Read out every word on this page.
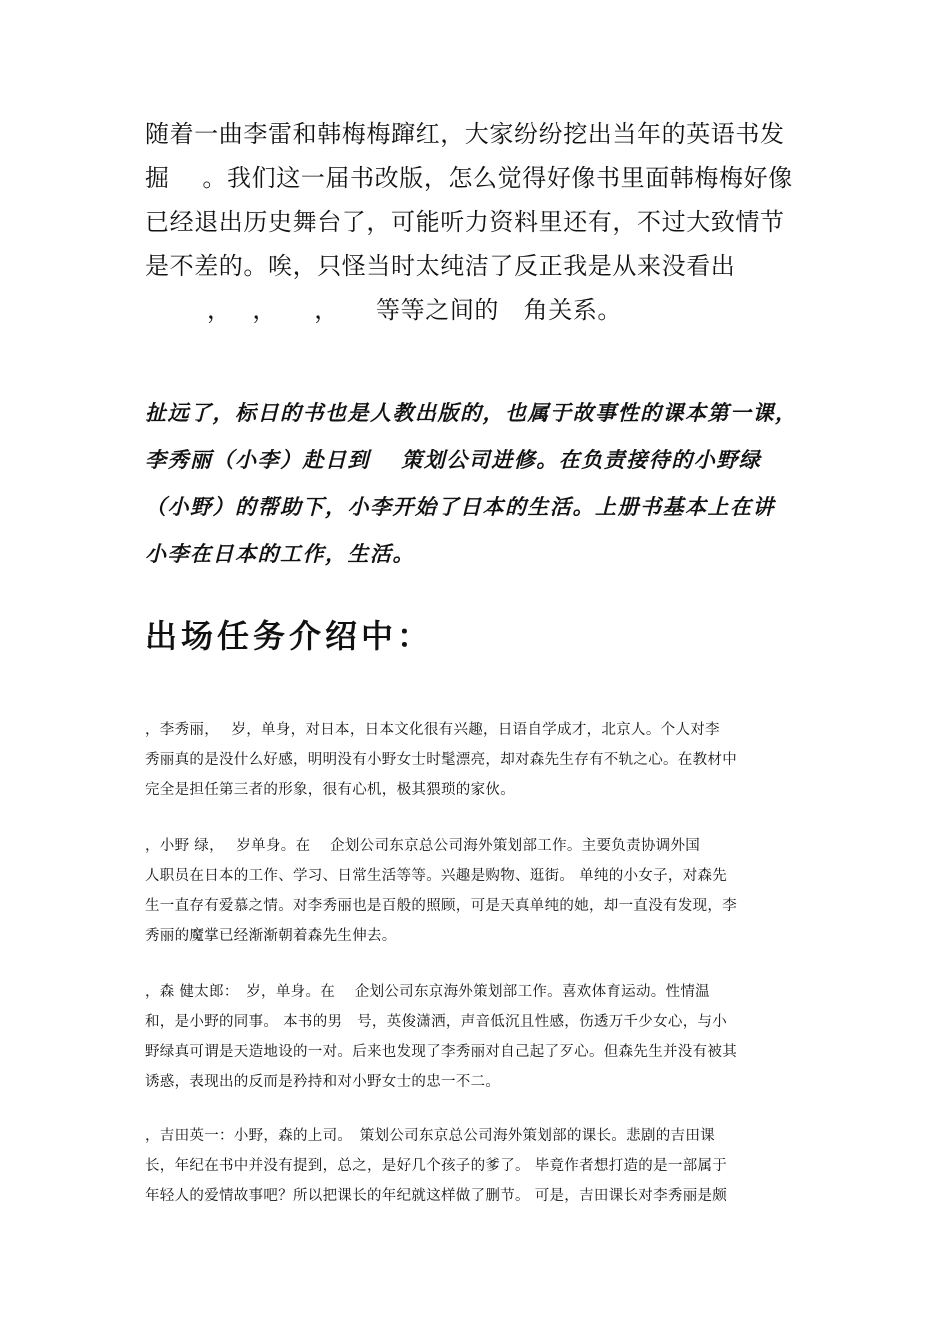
随着一曲李雷和韩梅梅蹿红，大家纷纷挖出当年的英语书发
掘　 。我们这一届书改版，怎么觉得好像书里面韩梅梅好像
已经退出历史舞台了，可能听力资料里还有，不过大致情节
是不差的。唉，只怪当时太纯洁了反正我是从来没看出
，　 ，　　，　　等等之间的　角关系。
扯远了，标日的书也是人教出版的，也属于故事性的课本第一课，
李秀丽（小李）赴日到　 策划公司进修。在负责接待的小野绿
（小野）的帮助下，小李开始了日本的生活。上册书基本上在讲
小李在日本的工作，生活。
出场任务介绍中：
，李秀丽，　 岁，单身，对日本，日本文化很有兴趣，日语自学成才，北京人。个人对李
秀丽真的是没什么好感，明明没有小野女士时髦漂亮，却对森先生存有不轨之心。在教材中
完全是担任第三者的形象，很有心机，极其猥琐的家伙。
，小野 绿，　 岁单身。在　 企划公司东京总公司海外策划部工作。主要负责协调外国
人职员在日本的工作、学习、日常生活等等。兴趣是购物、逛街。 单纯的小女子，对森先
生一直存有爱慕之情。对李秀丽也是百般的照顾，可是天真单纯的她，却一直没有发现，李
秀丽的魔掌已经渐渐朝着森先生伸去。
，森 健太郎：　岁，单身。在　 企划公司东京海外策划部工作。喜欢体育运动。性情温
和，是小野的同事。 本书的男　号，英俊潇洒，声音低沉且性感，伤透万千少女心，与小
野绿真可谓是天造地设的一对。后来也发现了李秀丽对自己起了歹心。但森先生并没有被其
诱惑，表现出的反而是矜持和对小野女士的忠一不二。
，吉田英一：小野，森的上司。　策划公司东京总公司海外策划部的课长。悲剧的吉田课
长，年纪在书中并没有提到，总之，是好几个孩子的爹了。 毕竟作者想打造的是一部属于
年轻人的爱情故事吧？所以把课长的年纪就这样做了删节。 可是，吉田课长对李秀丽是颇
